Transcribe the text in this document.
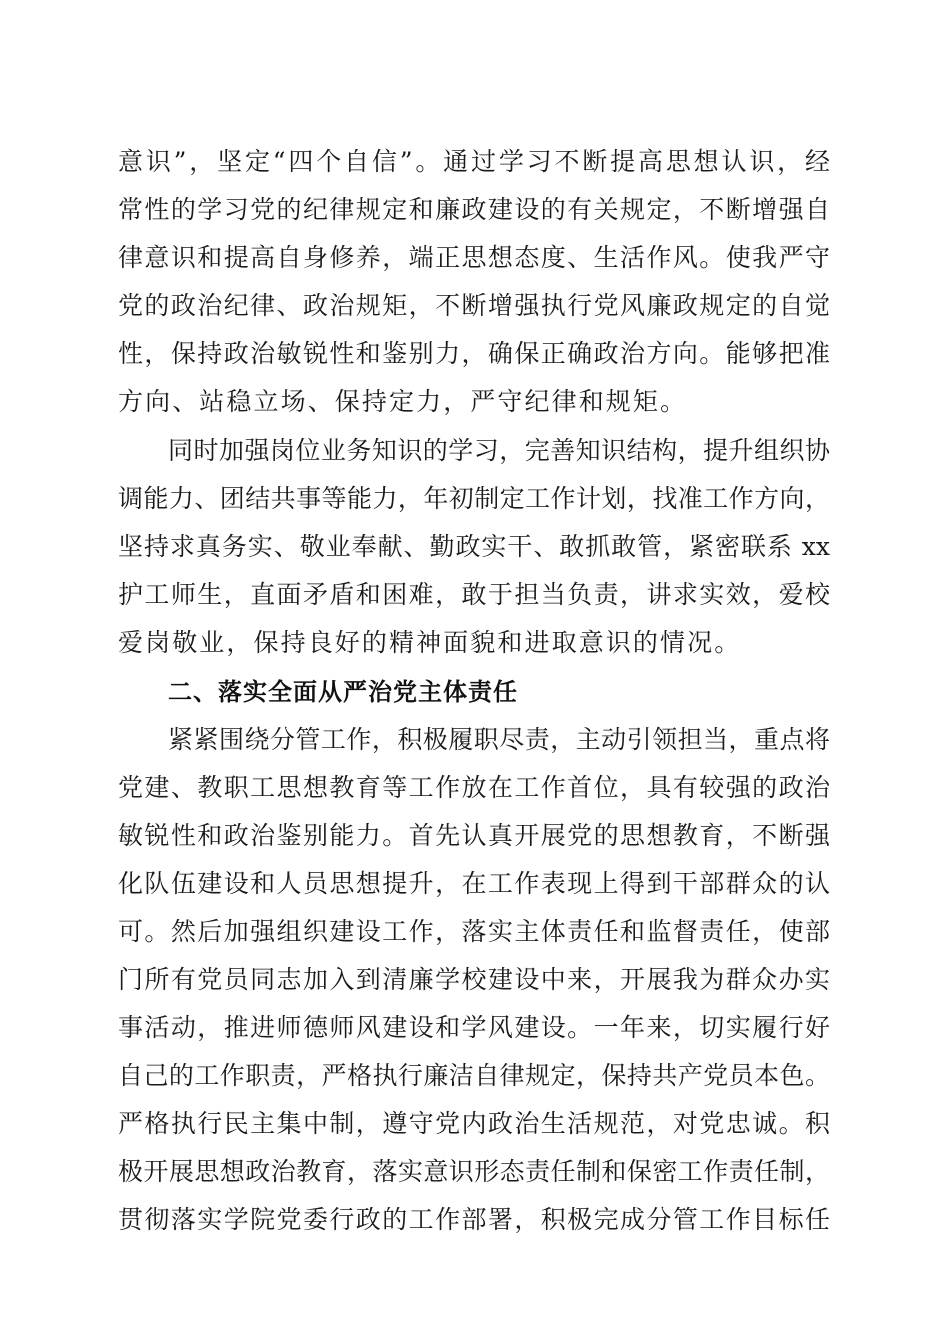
意识”，坚定“四个自信”。通过学习不断提高思想认识，经
常性的学习党的纪律规定和廉政建设的有关规定，不断增强自
律意识和提高自身修养，端正思想态度、生活作风。使我严守
党的政治纪律、政治规矩，不断增强执行党风廉政规定的自觉
性，保持政治敏锐性和鉴别力，确保正确政治方向。能够把准
方向、站稳立场、保持定力，严守纪律和规矩。
同时加强岗位业务知识的学习，完善知识结构，提升组织协
调能力、团结共事等能力，年初制定工作计划，找准工作方向，
坚持求真务实、敬业奉献、勤政实干、敢抓敢管，紧密联系 xx
护工师生，直面矛盾和困难，敢于担当负责，讲求实效，爱校
爱岗敬业，保持良好的精神面貌和进取意识的情况。
二、落实全面从严治党主体责任
紧紧围绕分管工作，积极履职尽责，主动引领担当，重点将
党建、教职工思想教育等工作放在工作首位，具有较强的政治
敏锐性和政治鉴别能力。首先认真开展党的思想教育，不断强
化队伍建设和人员思想提升，在工作表现上得到干部群众的认
可。然后加强组织建设工作，落实主体责任和监督责任，使部
门所有党员同志加入到清廉学校建设中来，开展我为群众办实
事活动，推进师德师风建设和学风建设。一年来，切实履行好
自己的工作职责，严格执行廉洁自律规定，保持共产党员本色。
严格执行民主集中制，遵守党内政治生活规范，对党忠诚。积
极开展思想政治教育，落实意识形态责任制和保密工作责任制，
贯彻落实学院党委行政的工作部署，积极完成分管工作目标任
